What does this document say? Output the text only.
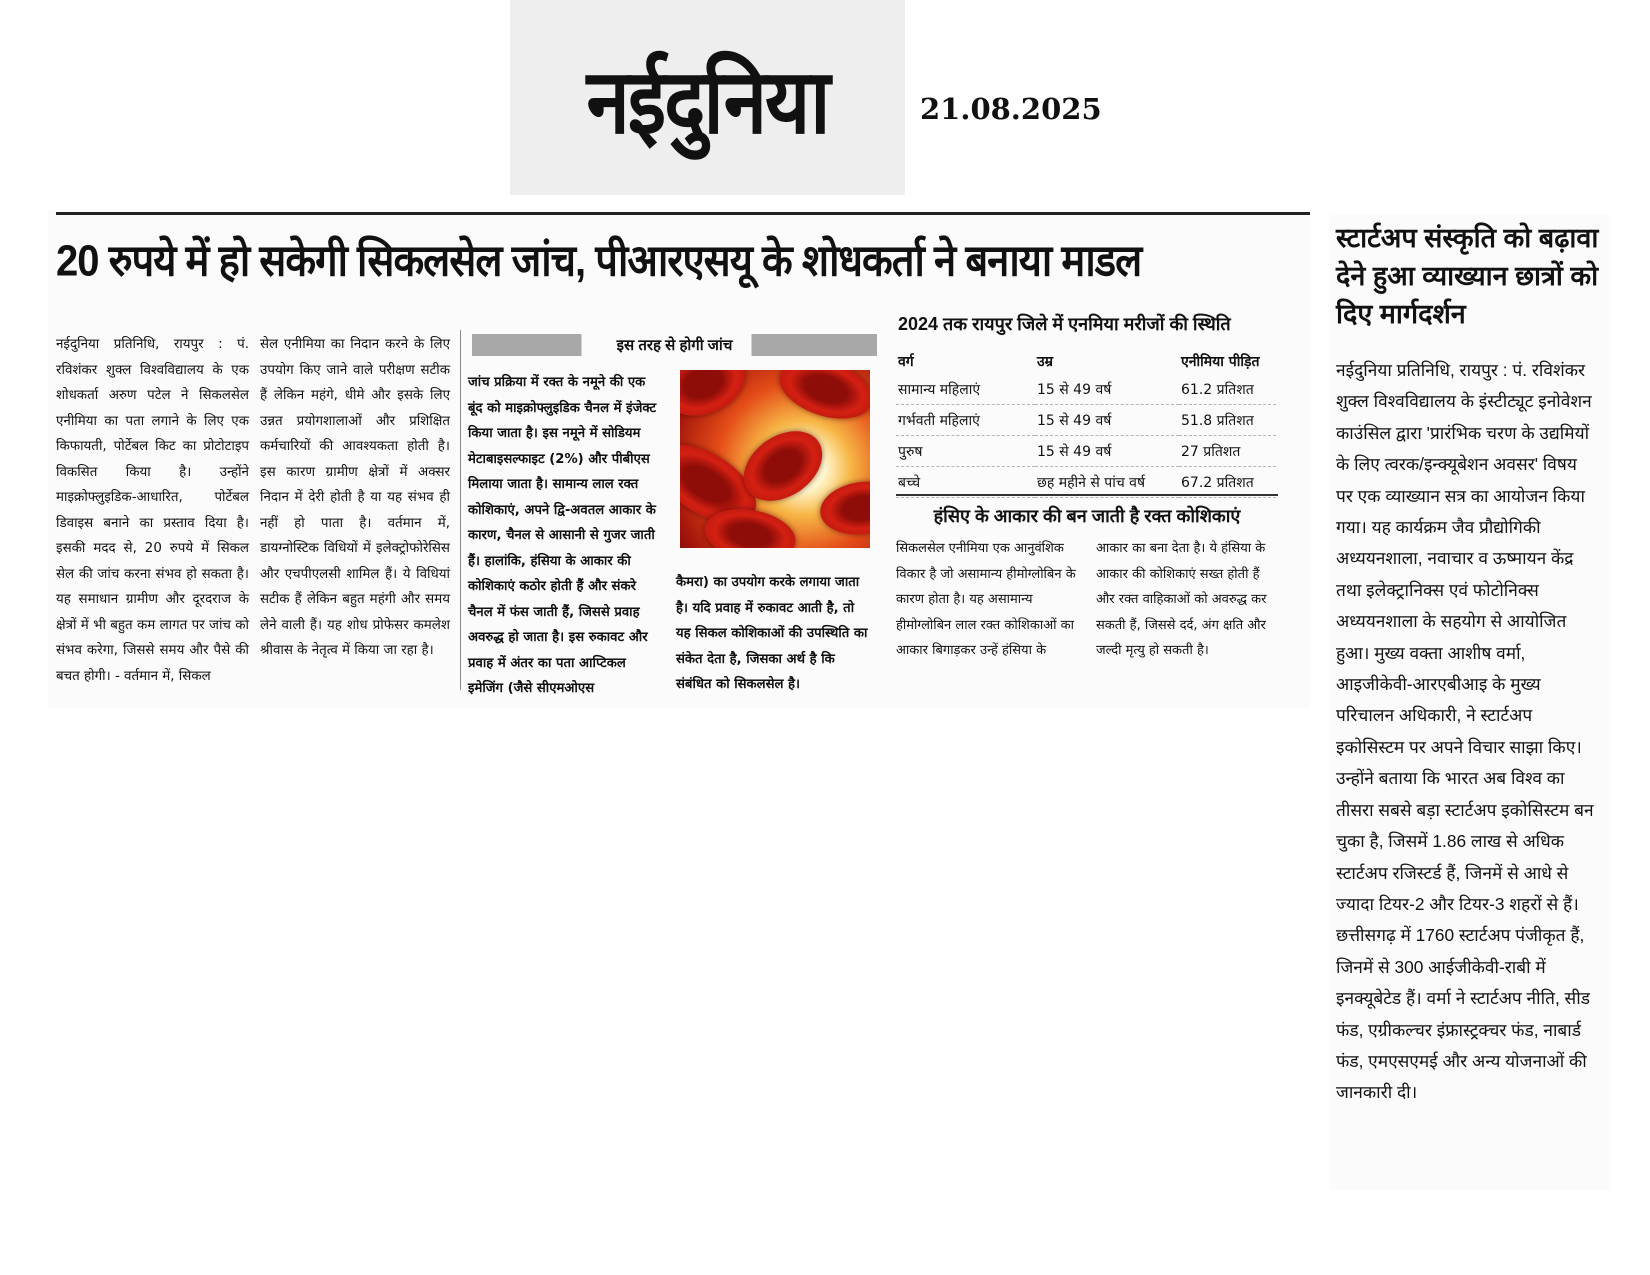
नईदुनिया	21.08.2025
20 रुपये में हो सकेगी सिकलसेल जांच, पीआरएसयू के शोधकर्ता ने बनाया माडल
नईदुनिया प्रतिनिधि, रायपुर : पं. रविशंकर शुक्ल विश्वविद्यालय के एक शोधकर्ता अरुण पटेल ने सिकलसेल एनीमिया का पता लगाने के लिए एक किफायती, पोर्टेबल किट का प्रोटोटाइप विकसित किया है। उन्होंने माइक्रोफ्लुइडिक-आधारित, पोर्टेबल डिवाइस बनाने का प्रस्ताव दिया है। इसकी मदद से, 20 रुपये में सिकल सेल की जांच करना संभव हो सकता है। यह समाधान ग्रामीण और दूरदराज के क्षेत्रों में भी बहुत कम लागत पर जांच को संभव करेगा, जिससे समय और पैसे की बचत होगी। - वर्तमान में, सिकल
सेल एनीमिया का निदान करने के लिए उपयोग किए जाने वाले परीक्षण सटीक हैं लेकिन महंगे, धीमे और इसके लिए उन्नत प्रयोगशालाओं और प्रशिक्षित कर्मचारियों की आवश्यकता होती है। इस कारण ग्रामीण क्षेत्रों में अक्सर निदान में देरी होती है या यह संभव ही नहीं हो पाता है। वर्तमान में, डायग्नोस्टिक विधियों में इलेक्ट्रोफोरेसिस और एचपीएलसी शामिल हैं। ये विधियां सटीक हैं लेकिन बहुत महंगी और समय लेने वाली हैं। यह शोध प्रोफेसर कमलेश श्रीवास के नेतृत्व में किया जा रहा है।
इस तरह से होगी जांच
जांच प्रक्रिया में रक्त के नमूने की एक बूंद को माइक्रोफ्लुइडिक चैनल में इंजेक्ट किया जाता है। इस नमूने में सोडियम मेटाबाइसल्फाइट (2%) और पीबीएस मिलाया जाता है। सामान्य लाल रक्त कोशिकाएं, अपने द्वि-अवतल आकार के कारण, चैनल से आसानी से गुजर जाती हैं। हालांकि, हंसिया के आकार की कोशिकाएं कठोर होती हैं और संकरे चैनल में फंस जाती हैं, जिससे प्रवाह अवरुद्ध हो जाता है। इस रुकावट और प्रवाह में अंतर का पता आप्टिकल इमेजिंग (जैसे सीएमओएस
कैमरा) का उपयोग करके लगाया जाता है। यदि प्रवाह में रुकावट आती है, तो यह सिकल कोशिकाओं की उपस्थिति का संकेत देता है, जिसका अर्थ है कि संबंधित को सिकलसेल है।
2024 तक रायपुर जिले में एनमिया मरीजों की स्थिति
वर्ग	उम्र	एनीमिया पीड़ित
सामान्य महिलाएं	15 से 49 वर्ष	61.2 प्रतिशत
गर्भवती महिलाएं	15 से 49 वर्ष	51.8 प्रतिशत
पुरुष	15 से 49 वर्ष	27 प्रतिशत
बच्चे	छह महीने से पांच वर्ष	67.2 प्रतिशत
हंसिए के आकार की बन जाती है रक्त कोशिकाएं
सिकलसेल एनीमिया एक आनुवंशिक विकार है जो असामान्य हीमोग्लोबिन के कारण होता है। यह असामान्य हीमोग्लोबिन लाल रक्त कोशिकाओं का आकार बिगाड़कर उन्हें हंसिया के
आकार का बना देता है। ये हंसिया के आकार की कोशिकाएं सख्त होती हैं और रक्त वाहिकाओं को अवरुद्ध कर सकती हैं, जिससे दर्द, अंग क्षति और जल्दी मृत्यु हो सकती है।
स्टार्टअप संस्कृति को बढ़ावा देने हुआ व्याख्यान छात्रों को दिए मार्गदर्शन
नईदुनिया प्रतिनिधि, रायपुर : पं. रविशंकर शुक्ल विश्वविद्यालय के इंस्टीट्यूट इनोवेशन काउंसिल द्वारा 'प्रारंभिक चरण के उद्यमियों के लिए त्वरक/इन्क्यूबेशन अवसर' विषय पर एक व्याख्यान सत्र का आयोजन किया गया। यह कार्यक्रम जैव प्रौद्योगिकी अध्ययनशाला, नवाचार व ऊष्मायन केंद्र तथा इलेक्ट्रानिक्स एवं फोटोनिक्स अध्ययनशाला के सहयोग से आयोजित हुआ। मुख्य वक्ता आशीष वर्मा, आइजीकेवी-आरएबीआइ के मुख्य परिचालन अधिकारी, ने स्टार्टअप इकोसिस्टम पर अपने विचार साझा किए। उन्होंने बताया कि भारत अब विश्व का तीसरा सबसे बड़ा स्टार्टअप इकोसिस्टम बन चुका है, जिसमें 1.86 लाख से अधिक स्टार्टअप रजिस्टर्ड हैं, जिनमें से आधे से ज्यादा टियर-2 और टियर-3 शहरों से हैं। छत्तीसगढ़ में 1760 स्टार्टअप पंजीकृत हैं, जिनमें से 300 आईजीकेवी-राबी में इनक्यूबेटेड हैं। वर्मा ने स्टार्टअप नीति, सीड फंड, एग्रीकल्चर इंफ्रास्ट्रक्चर फंड, नाबार्ड फंड, एमएसएमई और अन्य योजनाओं की जानकारी दी।
